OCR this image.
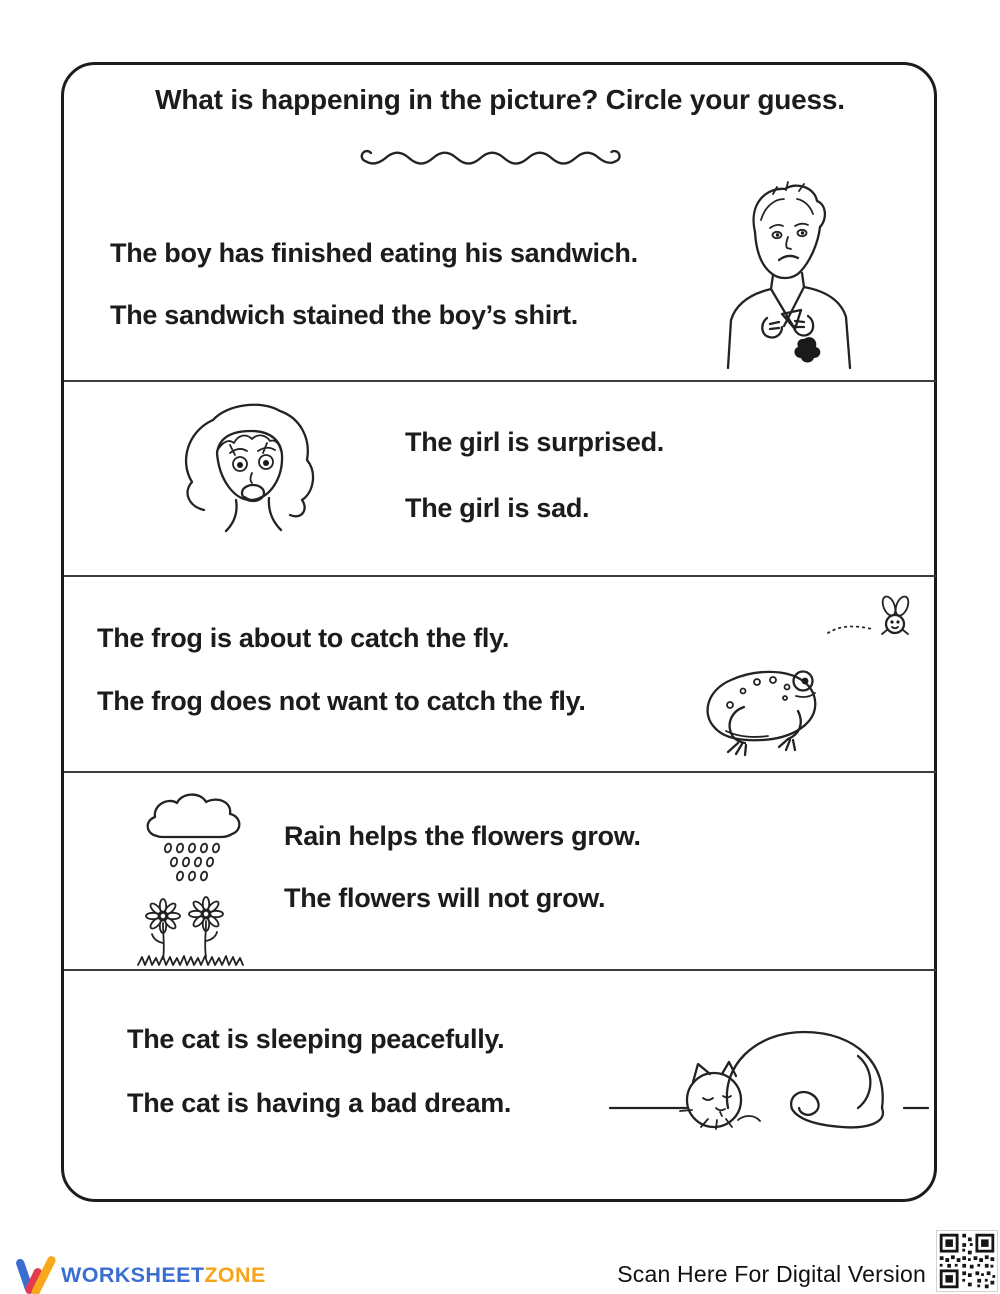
What is happening in the picture? Circle your guess.
The boy has finished eating his sandwich.
The sandwich stained the boy’s shirt.
The girl is surprised.
The girl is sad.
The frog is about to catch the fly.
The frog does not want to catch the fly.
Rain helps the flowers grow.
The flowers will not grow.
The cat is sleeping peacefully.
The cat is having a bad dream.
WORKSHEETZONE	Scan Here For Digital Version
